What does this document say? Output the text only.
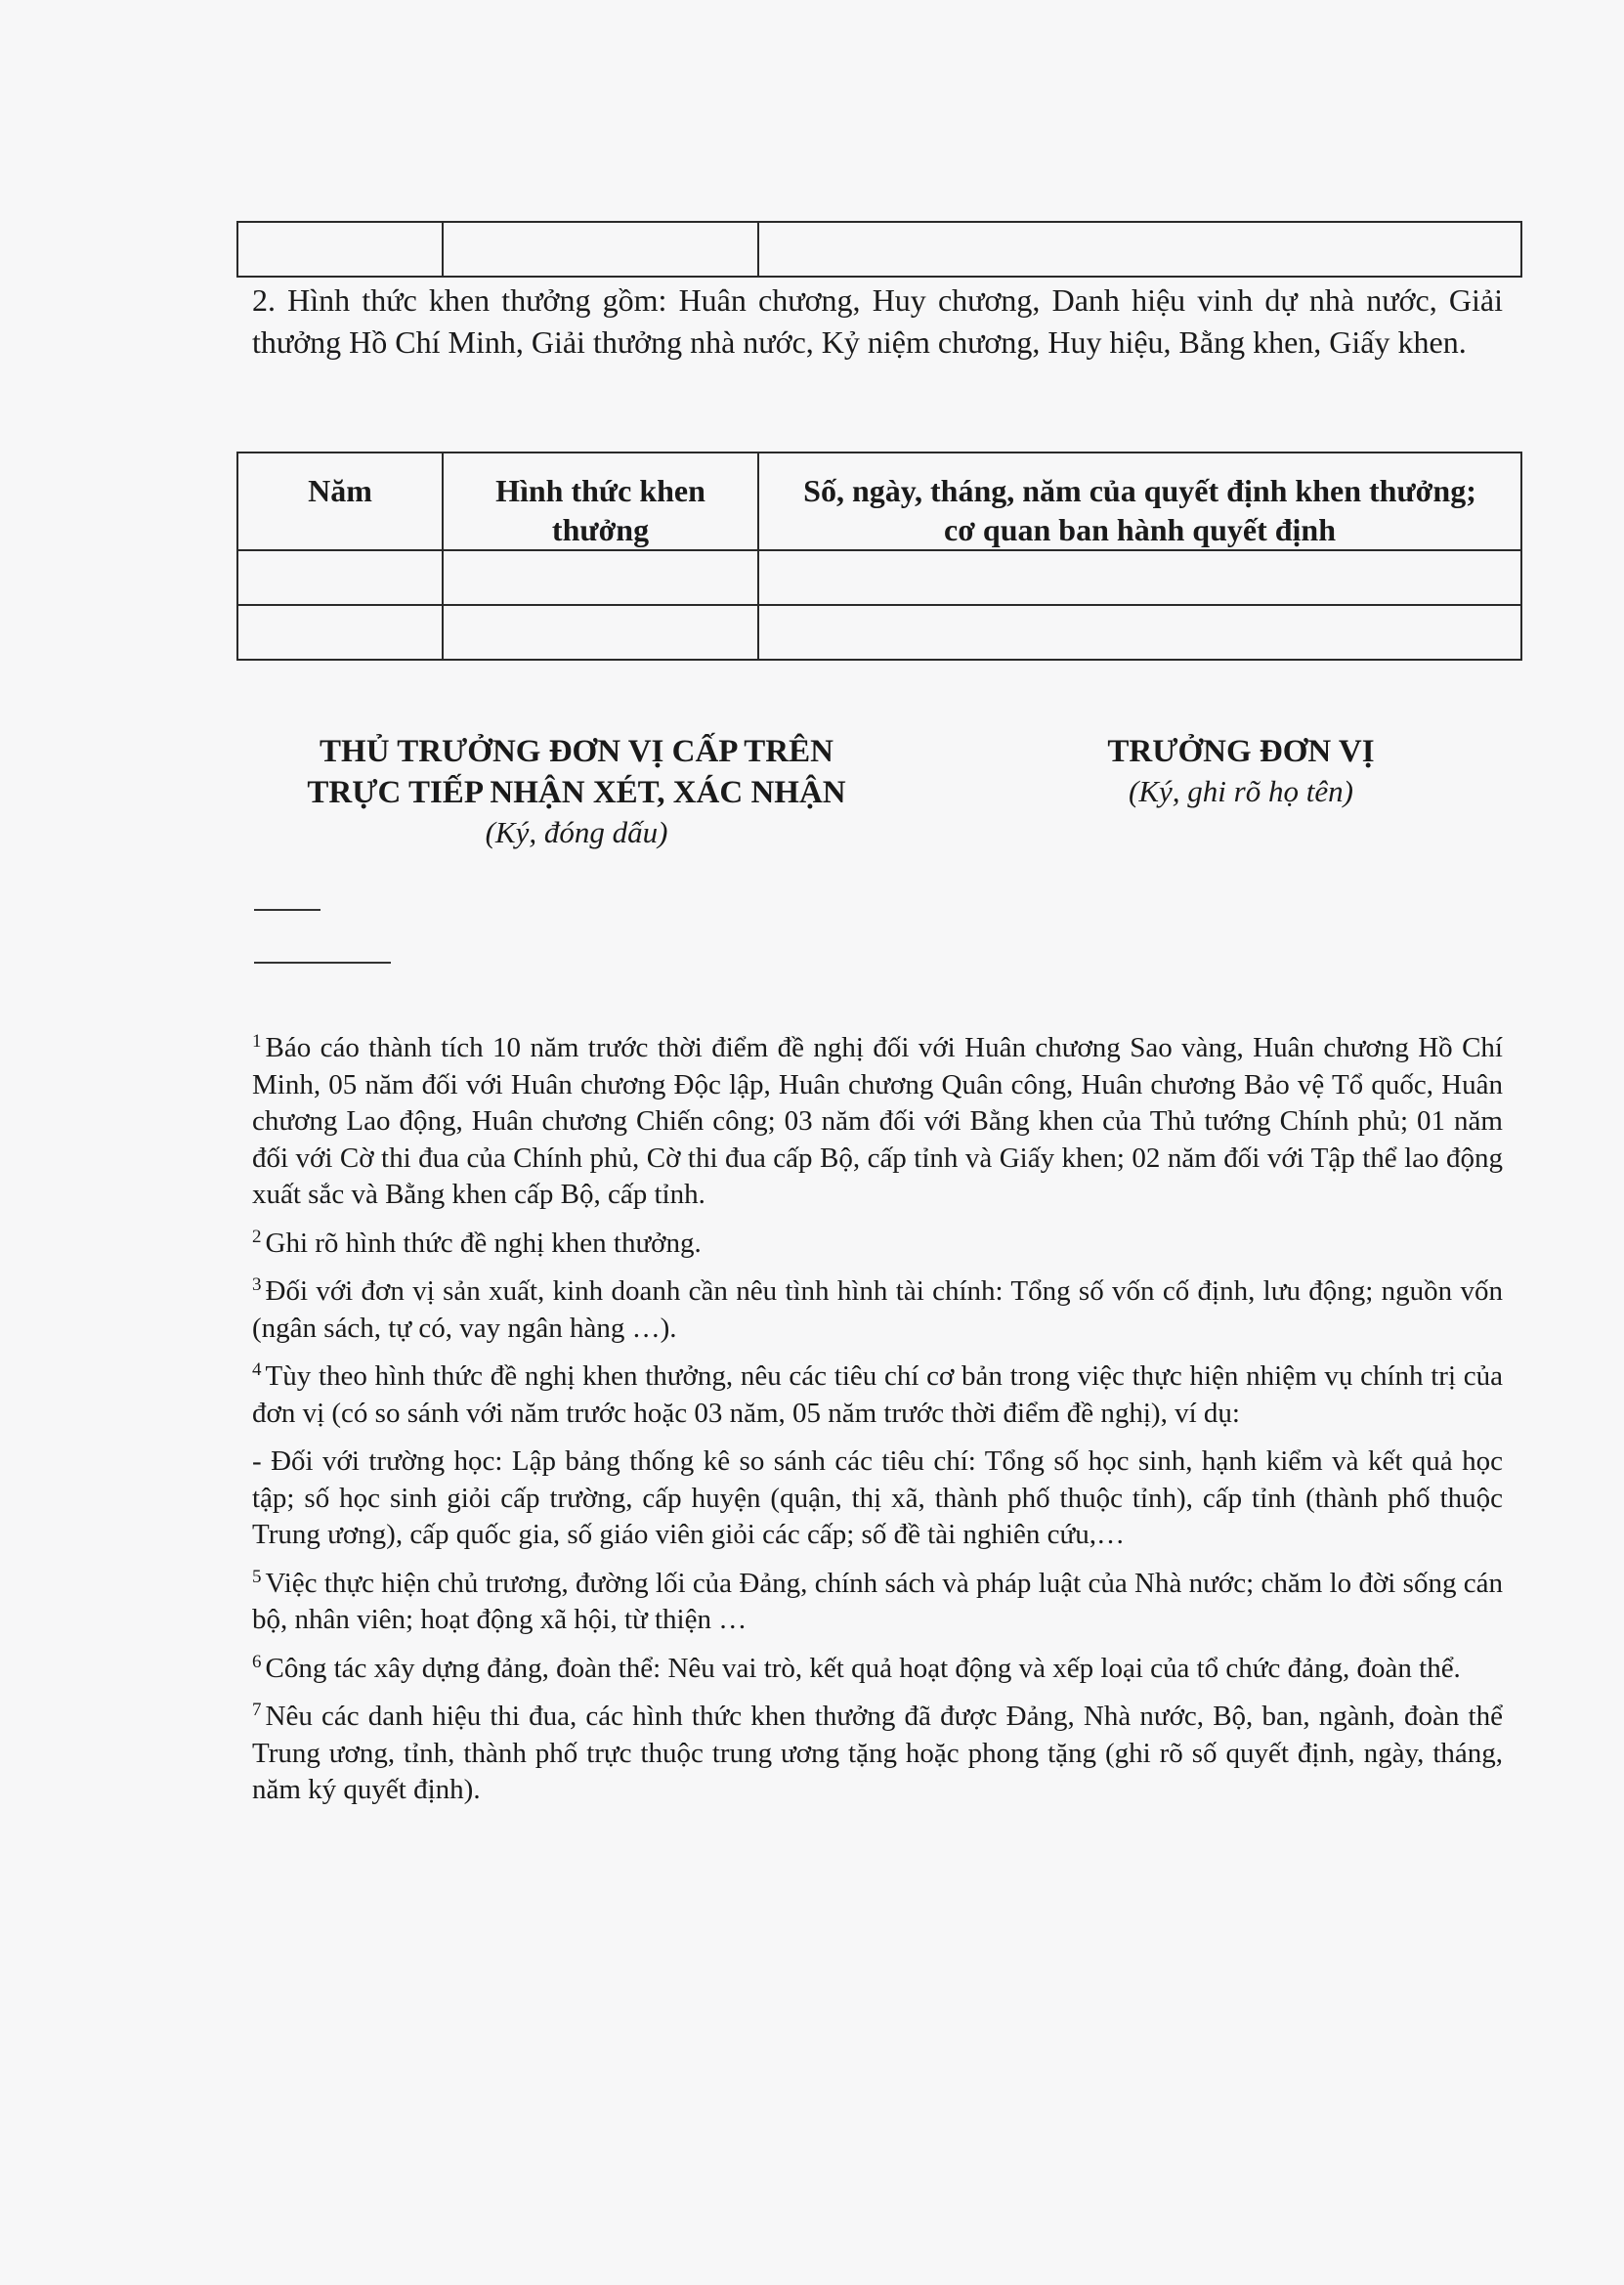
2. Hình thức khen thưởng gồm: Huân chương, Huy chương, Danh hiệu vinh dự nhà nước, Giải thưởng Hồ Chí Minh, Giải thưởng nhà nước, Kỷ niệm chương, Huy hiệu, Bằng khen, Giấy khen.
Năm	Hình thức khen thưởng	Số, ngày, tháng, năm của quyết định khen thưởng; cơ quan ban hành quyết định

THỦ TRƯỞNG ĐƠN VỊ CẤP TRÊN
TRỰC TIẾP NHẬN XÉT, XÁC NHẬN
(Ký, đóng dấu)
TRƯỞNG ĐƠN VỊ
(Ký, ghi rõ họ tên)

$^1$ Báo cáo thành tích 10 năm trước thời điểm đề nghị đối với Huân chương Sao vàng, Huân chương Hồ Chí Minh, 05 năm đối với Huân chương Độc lập, Huân chương Quân công, Huân chương Bảo vệ Tổ quốc, Huân chương Lao động, Huân chương Chiến công; 03 năm đối với Bằng khen của Thủ tướng Chính phủ; 01 năm đối với Cờ thi đua của Chính phủ, Cờ thi đua cấp Bộ, cấp tỉnh và Giấy khen; 02 năm đối với Tập thể lao động xuất sắc và Bằng khen cấp Bộ, cấp tỉnh.

$^2$ Ghi rõ hình thức đề nghị khen thưởng.

$^3$ Đối với đơn vị sản xuất, kinh doanh cần nêu tình hình tài chính: Tổng số vốn cố định, lưu động; nguồn vốn (ngân sách, tự có, vay ngân hàng …).

$^4$ Tùy theo hình thức đề nghị khen thưởng, nêu các tiêu chí cơ bản trong việc thực hiện nhiệm vụ chính trị của đơn vị (có so sánh với năm trước hoặc 03 năm, 05 năm trước thời điểm đề nghị), ví dụ:

- Đối với trường học: Lập bảng thống kê so sánh các tiêu chí: Tổng số học sinh, hạnh kiểm và kết quả học tập; số học sinh giỏi cấp trường, cấp huyện (quận, thị xã, thành phố thuộc tỉnh), cấp tỉnh (thành phố thuộc Trung ương), cấp quốc gia, số giáo viên giỏi các cấp; số đề tài nghiên cứu,…

$^5$ Việc thực hiện chủ trương, đường lối của Đảng, chính sách và pháp luật của Nhà nước; chăm lo đời sống cán bộ, nhân viên; hoạt động xã hội, từ thiện …

$^6$ Công tác xây dựng đảng, đoàn thể: Nêu vai trò, kết quả hoạt động và xếp loại của tổ chức đảng, đoàn thể.

$^7$ Nêu các danh hiệu thi đua, các hình thức khen thưởng đã được Đảng, Nhà nước, Bộ, ban, ngành, đoàn thể Trung ương, tỉnh, thành phố trực thuộc trung ương tặng hoặc phong tặng (ghi rõ số quyết định, ngày, tháng, năm ký quyết định).
